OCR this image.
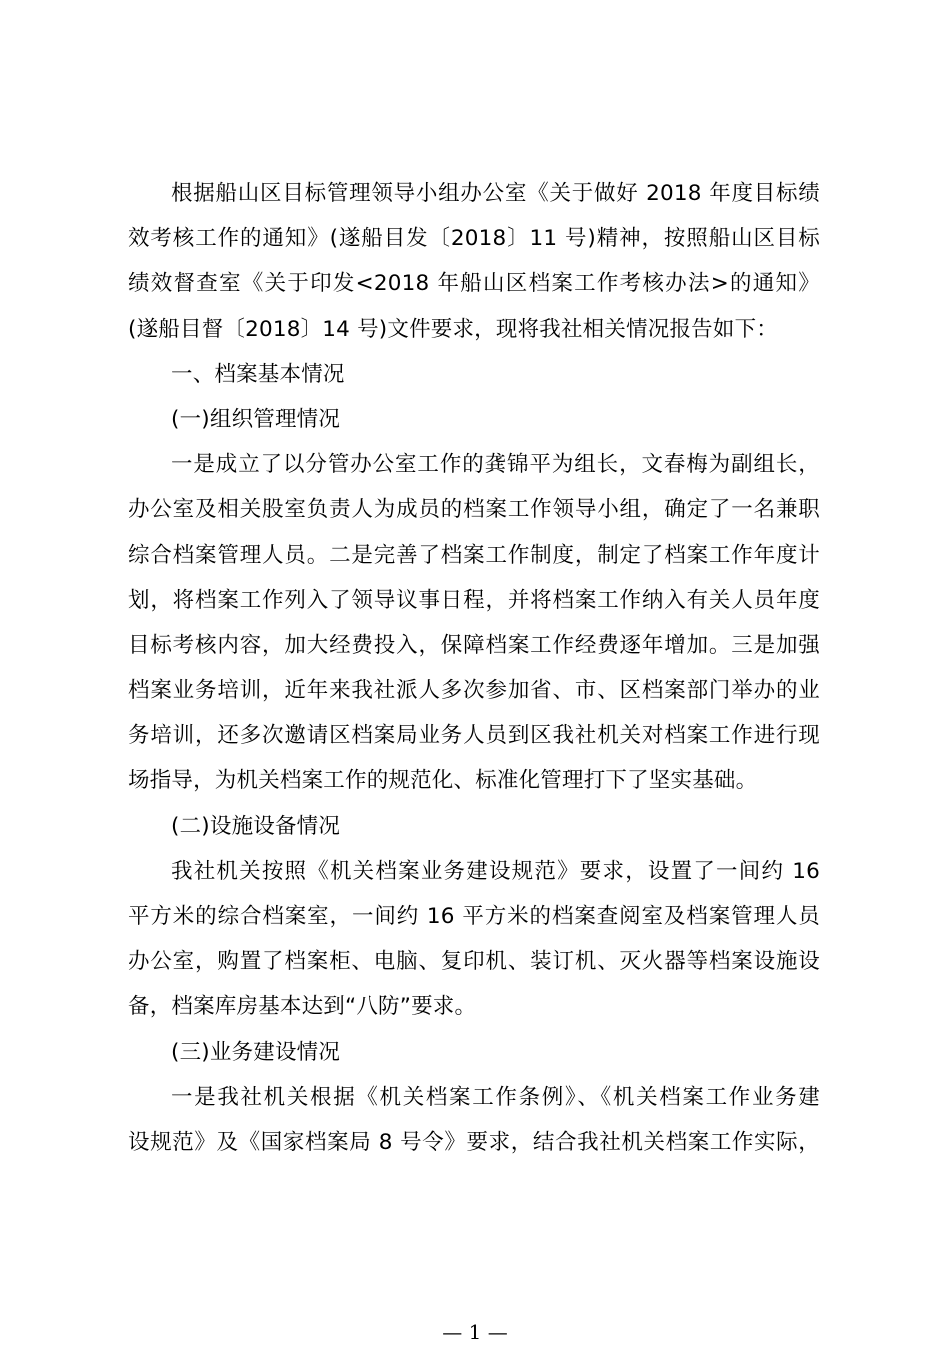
根据船山区目标管理领导小组办公室《关于做好 2018 年度目标绩
效考核工作的通知》(遂船目发〔2018〕11 号)精神，按照船山区目标
绩效督查室《关于印发<2018 年船山区档案工作考核办法>的通知》
(遂船目督〔2018〕14 号)文件要求，现将我社相关情况报告如下：
一、档案基本情况
(一)组织管理情况
一是成立了以分管办公室工作的龚锦平为组长，文春梅为副组长，
办公室及相关股室负责人为成员的档案工作领导小组，确定了一名兼职
综合档案管理人员。二是完善了档案工作制度，制定了档案工作年度计
划，将档案工作列入了领导议事日程，并将档案工作纳入有关人员年度
目标考核内容，加大经费投入，保障档案工作经费逐年增加。三是加强
档案业务培训，近年来我社派人多次参加省、市、区档案部门举办的业
务培训，还多次邀请区档案局业务人员到区我社机关对档案工作进行现
场指导，为机关档案工作的规范化、标准化管理打下了坚实基础。
(二)设施设备情况
我社机关按照《机关档案业务建设规范》要求，设置了一间约 16
平方米的综合档案室，一间约 16 平方米的档案查阅室及档案管理人员
办公室，购置了档案柜、电脑、复印机、装订机、灭火器等档案设施设
备，档案库房基本达到“八防”要求。
(三)业务建设情况
一是我社机关根据《机关档案工作条例》、《机关档案工作业务建
设规范》及《国家档案局 8 号令》要求，结合我社机关档案工作实际，
— 1 —
